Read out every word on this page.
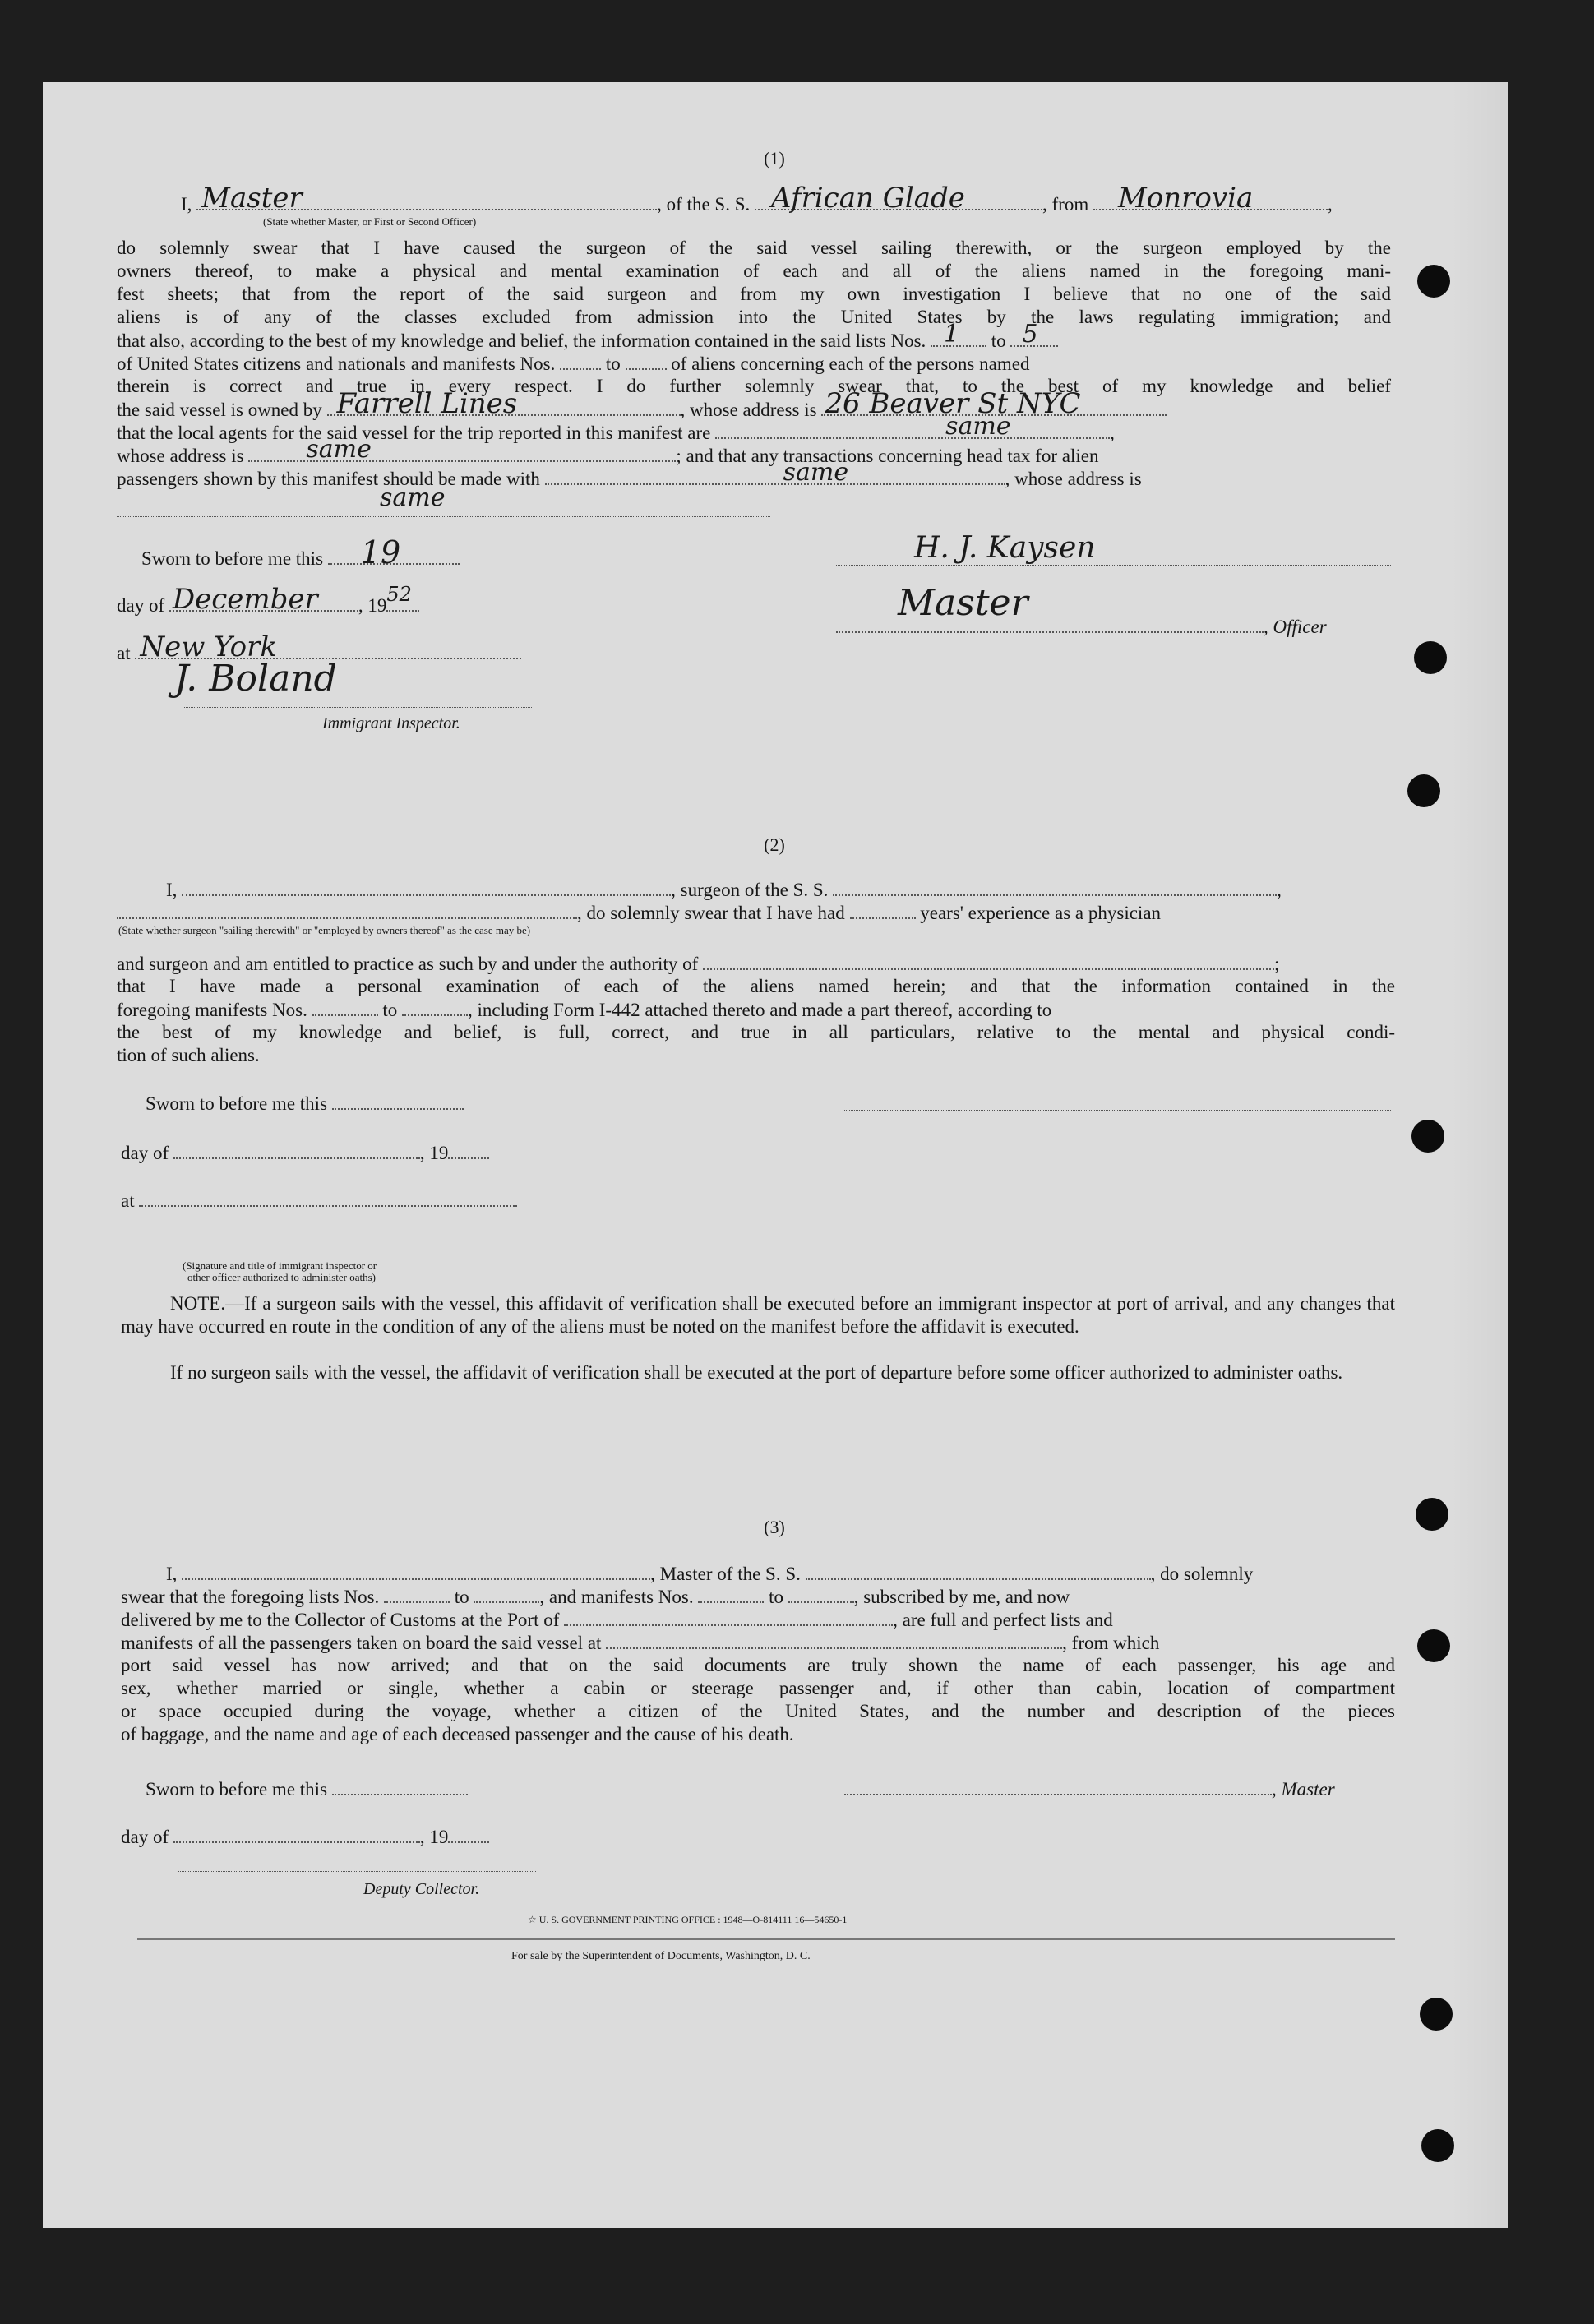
(1)
I, Master	, of the S. S. African Glade	, from Monrovia	,
(State whether Master, or First or Second Officer)
do solemnly swear that I have caused the surgeon of the said vessel sailing therewith, or the surgeon employed by the
owners thereof, to make a physical and mental examination of each and all of the aliens named in the foregoing mani-
fest sheets; that from the report of the said surgeon and from my own investigation I believe that no one of the said
aliens is of any of the classes excluded from admission into the United States by the laws regulating immigration; and
that also, according to the best of my knowledge and belief, the information contained in the said lists Nos. 1 to 5
of United States citizens and nationals and manifests Nos.	to	of aliens concerning each of the persons named
therein is correct and true in every respect. I do further solemnly swear that, to the best of my knowledge and belief
the said vessel is owned by Farrell Lines	, whose address is 26 Beaver St NYC
that the local agents for the said vessel for the trip reported in this manifest are	same	,
whose address is	same	; and that any transactions concerning head tax for alien
passengers shown by this manifest should be made with	same	, whose address is
same
Sworn to before me this 19
day of December , 19 52
at New York
J. Boland
Immigrant Inspector.
H. J. Kaysen
Master
, Officer
(2)
I,	, surgeon of the S. S.	,
, do solemnly swear that I have had	years' experience as a physician
(State whether surgeon "sailing therewith" or "employed by owners thereof" as the case may be)
and surgeon and am entitled to practice as such by and under the authority of	;
that I have made a personal examination of each of the aliens named herein; and that the information contained in the
foregoing manifests Nos.	to	, including Form I-442 attached thereto and made a part thereof, according to
the best of my knowledge and belief, is full, correct, and true in all particulars, relative to the mental and physical condi-
tion of such aliens.
Sworn to before me this
day of	, 19
at
(Signature and title of immigrant inspector or
other officer authorized to administer oaths)
NOTE.—If a surgeon sails with the vessel, this affidavit of verification shall be executed before an immigrant inspector at port of arrival, and any changes that may have occurred en route in the condition of any of the aliens must be noted on the manifest before the affidavit is executed.
If no surgeon sails with the vessel, the affidavit of verification shall be executed at the port of departure before some officer authorized to administer oaths.
(3)
I,	, Master of the S. S.	, do solemnly
swear that the foregoing lists Nos.	to	, and manifests Nos.	to	, subscribed by me, and now
delivered by me to the Collector of Customs at the Port of	, are full and perfect lists and
manifests of all the passengers taken on board the said vessel at	, from which
port said vessel has now arrived; and that on the said documents are truly shown the name of each passenger, his age and
sex, whether married or single, whether a cabin or steerage passenger and, if other than cabin, location of compartment
or space occupied during the voyage, whether a citizen of the United States, and the number and description of the pieces
of baggage, and the name and age of each deceased passenger and the cause of his death.
Sworn to before me this	, Master
day of	, 19
Deputy Collector.
☆ U. S. GOVERNMENT PRINTING OFFICE : 1948—O-814111 16—54650-1
For sale by the Superintendent of Documents, Washington, D. C.
